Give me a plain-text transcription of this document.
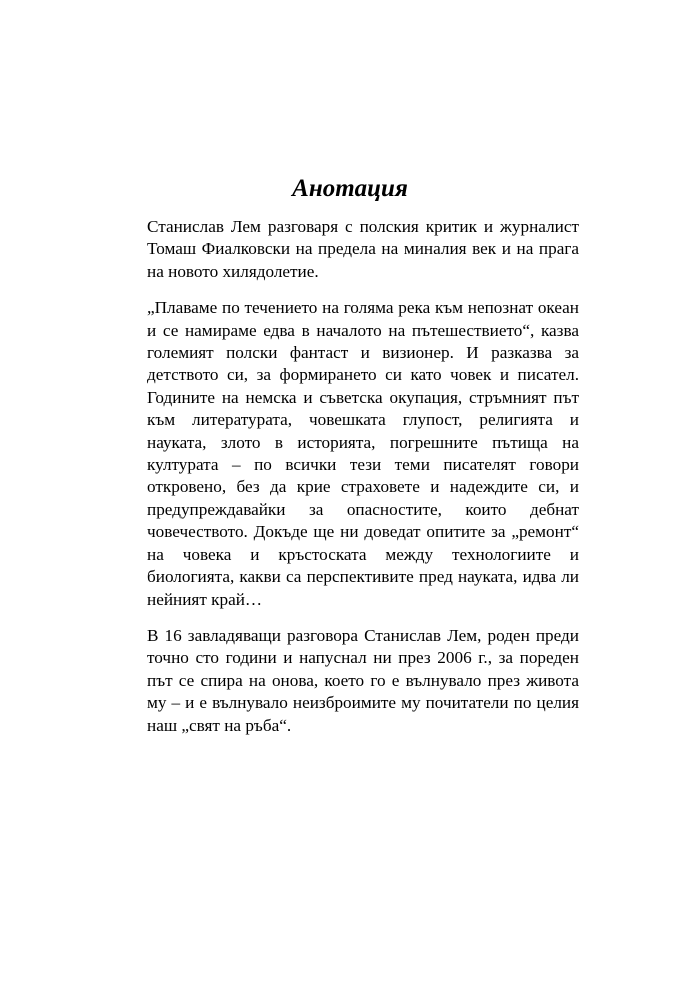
Анотация

Станислав Лем разговаря с полския критик и журналист Томаш Фиалковски на предела на миналия век и на прага на новото хилядолетие.

„Плаваме по течението на голяма река към непознат океан и се намираме едва в началото на пътешествието“, казва големият полски фантаст и визионер. И разказва за детството си, за формирането си като човек и писател. Годините на немска и съветска окупация, стръмният път към литературата, човешката глупост, религията и науката, злото в историята, погрешните пътища на културата – по всички тези теми писателят говори откровено, без да крие страховете и надеждите си, и предупреждавайки за опасностите, които дебнат човечеството. Докъде ще ни доведат опитите за „ремонт“ на човека и кръстоската между технологиите и биологията, какви са перспективите пред науката, идва ли нейният край…

В 16 завладяващи разговора Станислав Лем, роден преди точно сто години и напуснал ни през 2006 г., за пореден път се спира на онова, което го е вълнувало през живота му – и е вълнувало неизброимите му почитатели по целия наш „свят на ръба“.
